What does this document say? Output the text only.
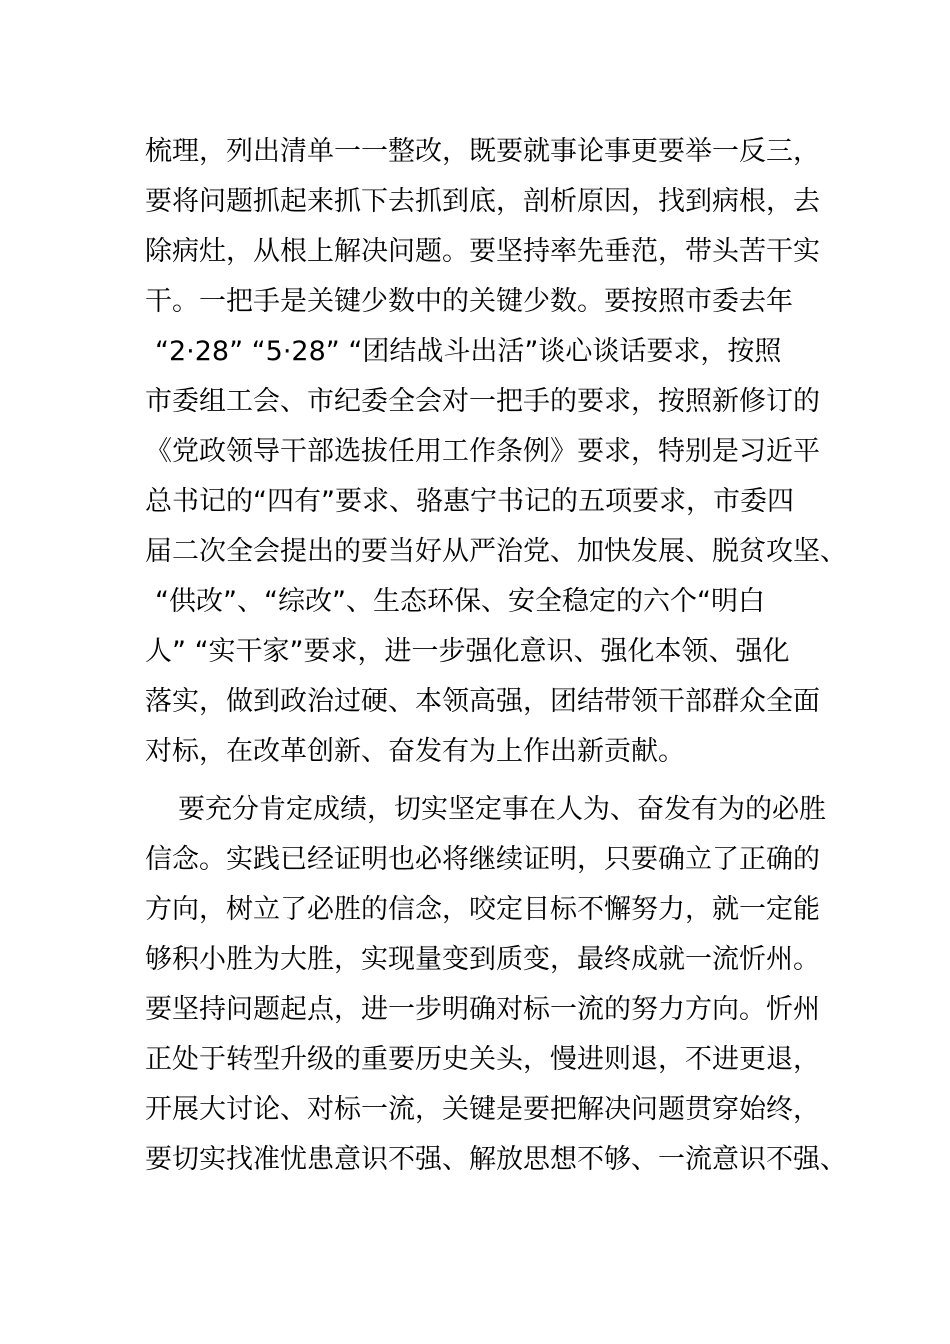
梳理，列出清单一一整改，既要就事论事更要举一反三，
要将问题抓起来抓下去抓到底，剖析原因，找到病根，去
除病灶，从根上解决问题。要坚持率先垂范，带头苦干实
干。一把手是关键少数中的关键少数。要按照市委去年
“2·28” “5·28” “团结战斗出活”谈心谈话要求，按照
市委组工会、市纪委全会对一把手的要求，按照新修订的
《党政领导干部选拔任用工作条例》要求，特别是习近平
总书记的“四有”要求、骆惠宁书记的五项要求，市委四
届二次全会提出的要当好从严治党、加快发展、脱贫攻坚、
“供改”、“综改”、生态环保、安全稳定的六个“明白
人” “实干家”要求，进一步强化意识、强化本领、强化
落实，做到政治过硬、本领高强，团结带领干部群众全面
对标，在改革创新、奋发有为上作出新贡献。
要充分肯定成绩，切实坚定事在人为、奋发有为的必胜
信念。实践已经证明也必将继续证明，只要确立了正确的
方向，树立了必胜的信念，咬定目标不懈努力，就一定能
够积小胜为大胜，实现量变到质变，最终成就一流忻州。
要坚持问题起点，进一步明确对标一流的努力方向。忻州
正处于转型升级的重要历史关头，慢进则退，不进更退，
开展大讨论、对标一流，关键是要把解决问题贯穿始终，
要切实找准忧患意识不强、解放思想不够、一流意识不强、
